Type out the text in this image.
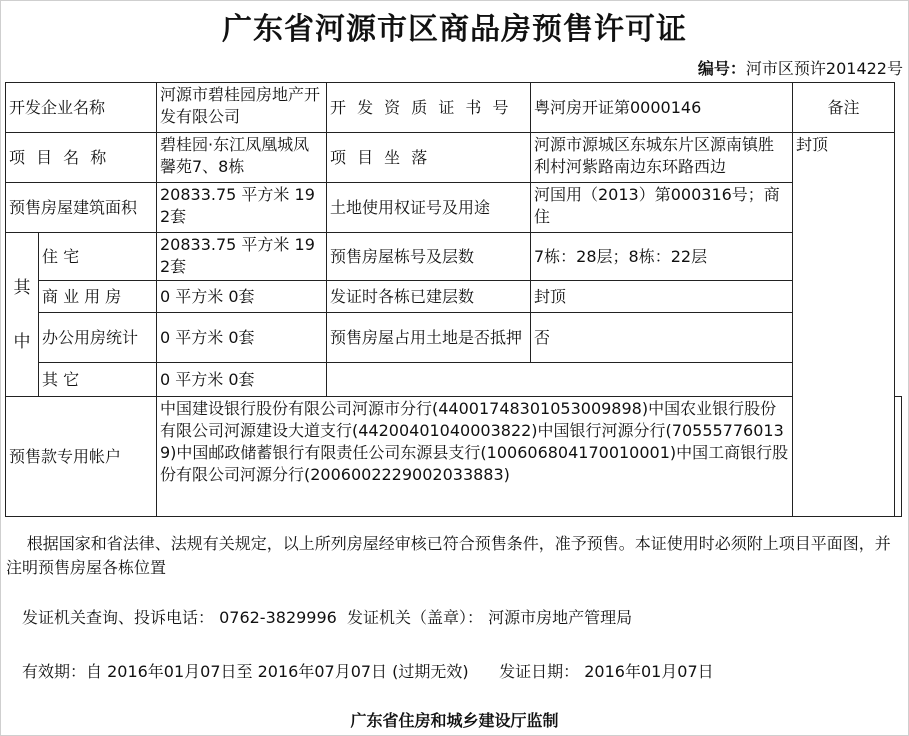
广东省河源市区商品房预售许可证
编号：河市区预许201422号
开发企业名称		河源市碧桂园房地产开发有限公司	开 发 资 质 证 书 号	粤河房开证第0000146	备注	
项 目 名 称		碧桂园·东江凤凰城凤馨苑7、8栋	项 目 坐 落	河源市源城区东城东片区源南镇胜利村河紫路南边东环路西边	封顶	
预售房屋建筑面积		20833.75 平方米 192套	土地使用权证号及用途	河国用（2013）第000316号；商住		
其中	住 宅	20833.75 平方米 192套	预售房屋栋号及层数	7栋：28层；8栋：22层		
	商 业 用 房	0 平方米 0套	发证时各栋已建层数	封顶		
	办公用房统计	0 平方米 0套	预售房屋占用土地是否抵押	否		
	其 它	0 平方米 0套				
预售款专用帐户		中国建设银行股份有限公司河源市分行(44001748301053009898)中国农业银行股份有限公司河源建设大道支行(44200401040003822)中国银行河源分行(705557760139)中国邮政储蓄银行有限责任公司东源县支行(100606804170010001)中国工商银行股份有限公司河源分行(2006002229002033883)				
根据国家和省法律、法规有关规定，以上所列房屋经审核已符合预售条件，准予预售。本证使用时必须附上项目平面图，并注明预售房屋各栋位置
发证机关查询、投诉电话： 0762-3829996  发证机关（盖章）： 河源市房地产管理局
有效期：自 2016年01月07日至 2016年07月07日 (过期无效)      发证日期： 2016年01月07日
广东省住房和城乡建设厅监制
